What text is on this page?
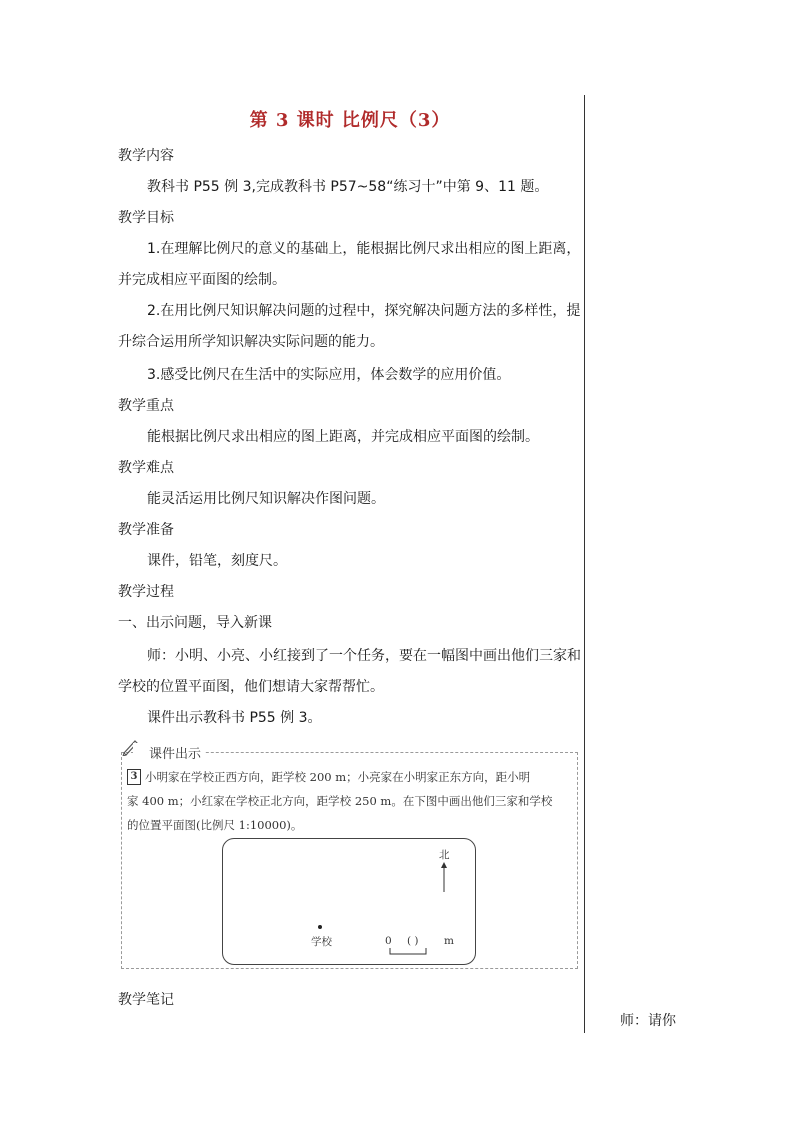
第 3 课时 比例尺（3）
教学内容
教科书 P55 例 3,完成教科书 P57~58“练习十”中第 9、11 题。
教学目标
1.在理解比例尺的意义的基础上，能根据比例尺求出相应的图上距离，
并完成相应平面图的绘制。
2.在用比例尺知识解决问题的过程中，探究解决问题方法的多样性，提
升综合运用所学知识解决实际问题的能力。
3.感受比例尺在生活中的实际应用，体会数学的应用价值。
教学重点
能根据比例尺求出相应的图上距离，并完成相应平面图的绘制。
教学难点
能灵活运用比例尺知识解决作图问题。
教学准备
课件，铅笔，刻度尺。
教学过程
一、出示问题，导入新课
师：小明、小亮、小红接到了一个任务，要在一幅图中画出他们三家和
学校的位置平面图，他们想请大家帮帮忙。
课件出示教科书 P55 例 3。
课件出示
3 小明家在学校正西方向，距学校 200 m；小亮家在小明家正东方向，距小明
家 400 m；小红家在学校正北方向，距学校 250 m。在下图中画出他们三家和学校
的位置平面图(比例尺 1:10000)。
北
学校	0 ( ) m
教学笔记
师：请你
